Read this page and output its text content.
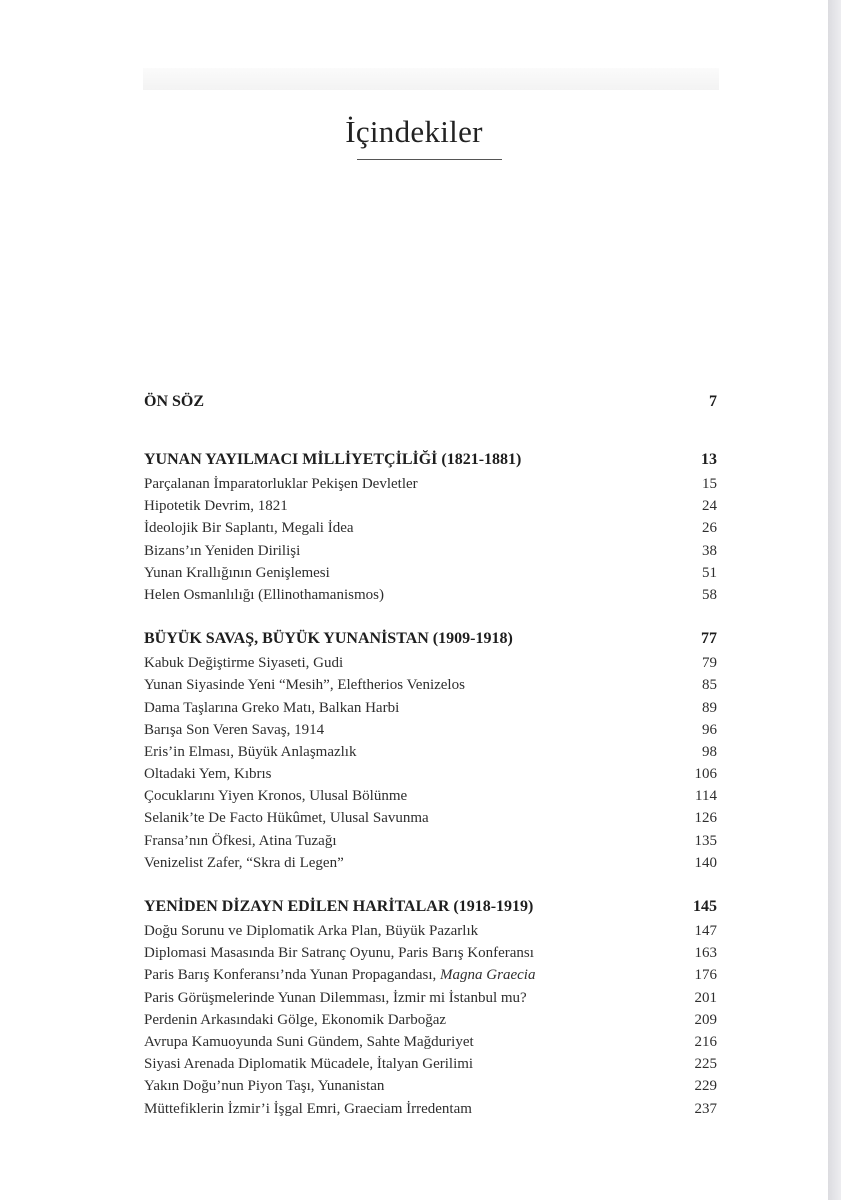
İçindekiler
ÖN SÖZ	7
YUNAN YAYILMACI MİLLİYETÇİLİĞİ (1821-1881)	13
Parçalanan İmparatorluklar Pekişen Devletler	15
Hipotetik Devrim, 1821	24
İdeolojik Bir Saplantı, Megali İdea	26
Bizans’ın Yeniden Dirilişi	38
Yunan Krallığının Genişlemesi	51
Helen Osmanlılığı (Ellinothamanismos)	58
BÜYÜK SAVAŞ, BÜYÜK YUNANİSTAN (1909-1918)	77
Kabuk Değiştirme Siyaseti, Gudi	79
Yunan Siyasinde Yeni “Mesih”, Eleftherios Venizelos	85
Dama Taşlarına Greko Matı, Balkan Harbi	89
Barışa Son Veren Savaş, 1914	96
Eris’in Elması, Büyük Anlaşmazlık	98
Oltadaki Yem, Kıbrıs	106
Çocuklarını Yiyen Kronos, Ulusal Bölünme	114
Selanik’te De Facto Hükûmet, Ulusal Savunma	126
Fransa’nın Öfkesi, Atina Tuzağı	135
Venizelist Zafer, “Skra di Legen”	140
YENİDEN DİZAYN EDİLEN HARİTALAR (1918-1919)	145
Doğu Sorunu ve Diplomatik Arka Plan, Büyük Pazarlık	147
Diplomasi Masasında Bir Satranç Oyunu, Paris Barış Konferansı	163
Paris Barış Konferansı’nda Yunan Propagandası, Magna Graecia	176
Paris Görüşmelerinde Yunan Dilemması, İzmir mi İstanbul mu?	201
Perdenin Arkasındaki Gölge, Ekonomik Darboğaz	209
Avrupa Kamuoyunda Suni Gündem, Sahte Mağduriyet	216
Siyasi Arenada Diplomatik Mücadele, İtalyan Gerilimi	225
Yakın Doğu’nun Piyon Taşı, Yunanistan	229
Müttefiklerin İzmir’i İşgal Emri, Graeciam İrredentam	237
